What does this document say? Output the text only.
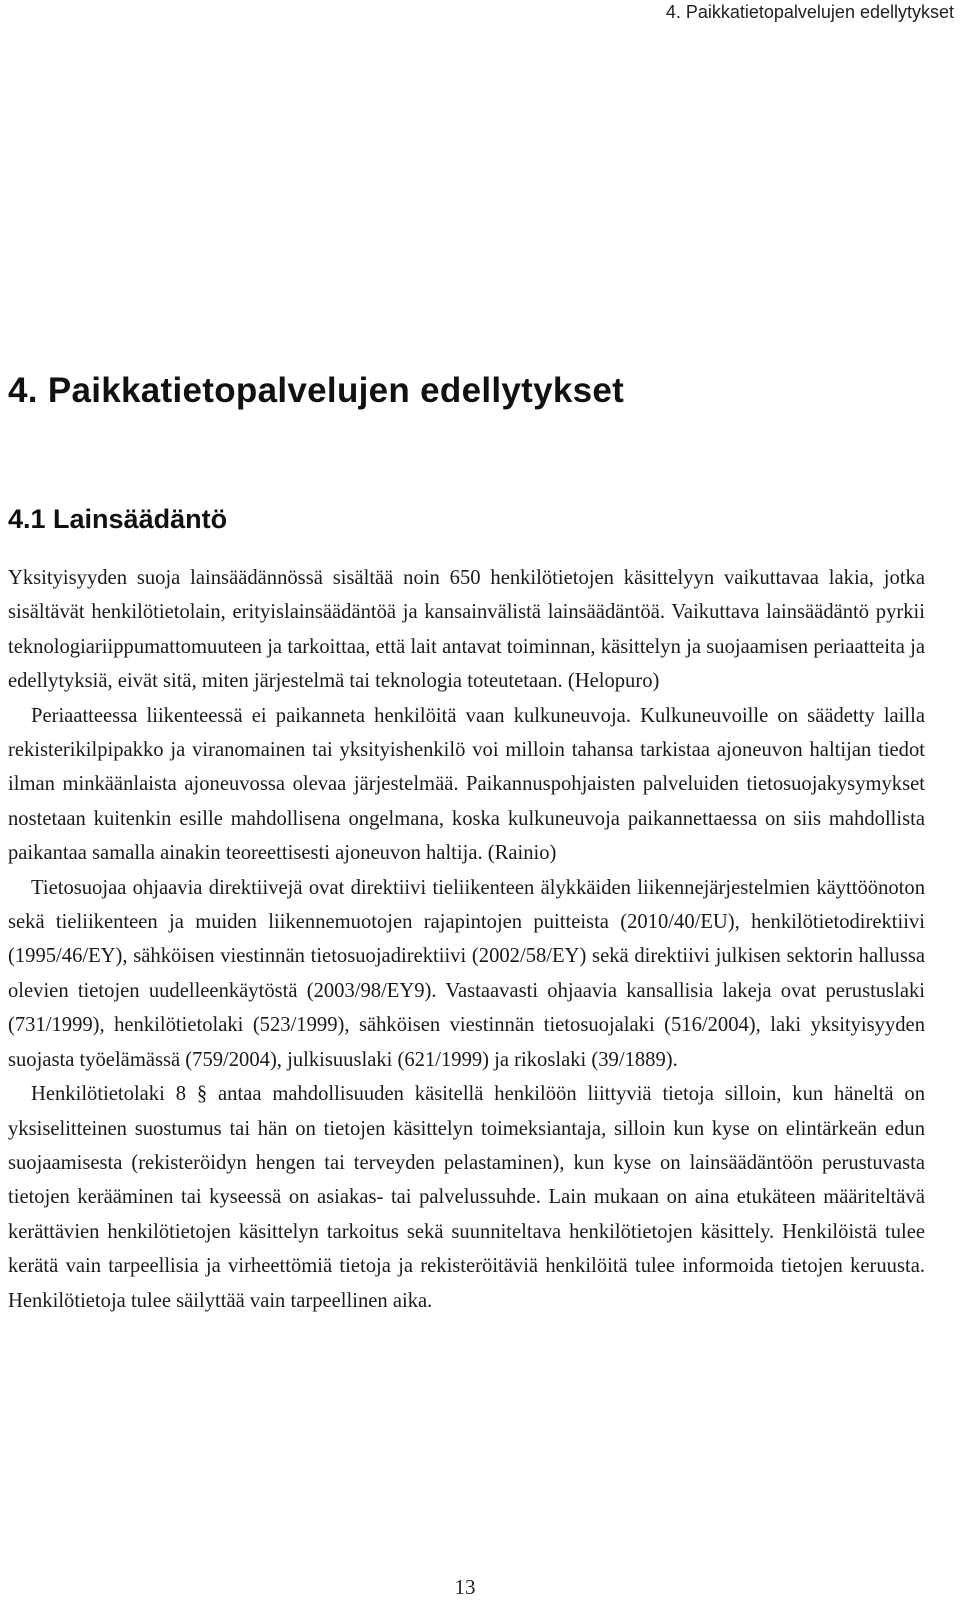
4. Paikkatietopalvelujen edellytykset
4. Paikkatietopalvelujen edellytykset
4.1 Lainsäädäntö

Yksityisyyden suoja lainsäädännössä sisältää noin 650 henkilötietojen käsittelyyn vaikuttavaa lakia, jotka sisältävät henkilötietolain, erityislainsäädäntöä ja kansainvälistä lainsäädäntöä. Vaikuttava lainsäädäntö pyrkii teknologiariippumattomuuteen ja tarkoittaa, että lait antavat toiminnan, käsittelyn ja suojaamisen periaatteita ja edellytyksiä, eivät sitä, miten järjestelmä tai teknologia toteutetaan. (Helopuro)

Periaatteessa liikenteessä ei paikanneta henkilöitä vaan kulkuneuvoja. Kulkuneuvoille on säädetty lailla rekisterikilpipakko ja viranomainen tai yksityishenkilö voi milloin tahansa tarkistaa ajoneuvon haltijan tiedot ilman minkäänlaista ajoneuvossa olevaa järjestelmää. Paikannuspohjaisten palveluiden tietosuojakysymykset nostetaan kuitenkin esille mahdollisena ongelmana, koska kulkuneuvoja paikannettaessa on siis mahdollista paikantaa samalla ainakin teoreettisesti ajoneuvon haltija. (Rainio)

Tietosuojaa ohjaavia direktiivejä ovat direktiivi tieliikenteen älykkäiden liikennejärjestelmien käyttöönoton sekä tieliikenteen ja muiden liikennemuotojen rajapintojen puitteista (2010/40/EU), henkilötietodirektiivi (1995/46/EY), sähköisen viestinnän tietosuojadirektiivi (2002/58/EY) sekä direktiivi julkisen sektorin hallussa olevien tietojen uudelleenkäytöstä (2003/98/EY9). Vastaavasti ohjaavia kansallisia lakeja ovat perustuslaki (731/1999), henkilötietolaki (523/1999), sähköisen viestinnän tietosuojalaki (516/2004), laki yksityisyyden suojasta työelämässä (759/2004), julkisuuslaki (621/1999) ja rikoslaki (39/1889).

Henkilötietolaki 8 § antaa mahdollisuuden käsitellä henkilöön liittyviä tietoja silloin, kun häneltä on yksiselitteinen suostumus tai hän on tietojen käsittelyn toimeksiantaja, silloin kun kyse on elintärkeän edun suojaamisesta (rekisteröidyn hengen tai terveyden pelastaminen), kun kyse on lainsäädäntöön perustuvasta tietojen kerääminen tai kyseessä on asiakas- tai palvelussuhde. Lain mukaan on aina etukäteen määriteltävä kerättävien henkilötietojen käsittelyn tarkoitus sekä suunniteltava henkilötietojen käsittely. Henkilöistä tulee kerätä vain tarpeellisia ja virheettömiä tietoja ja rekisteröitäviä henkilöitä tulee informoida tietojen keruusta. Henkilötietoja tulee säilyttää vain tarpeellinen aika.

13
